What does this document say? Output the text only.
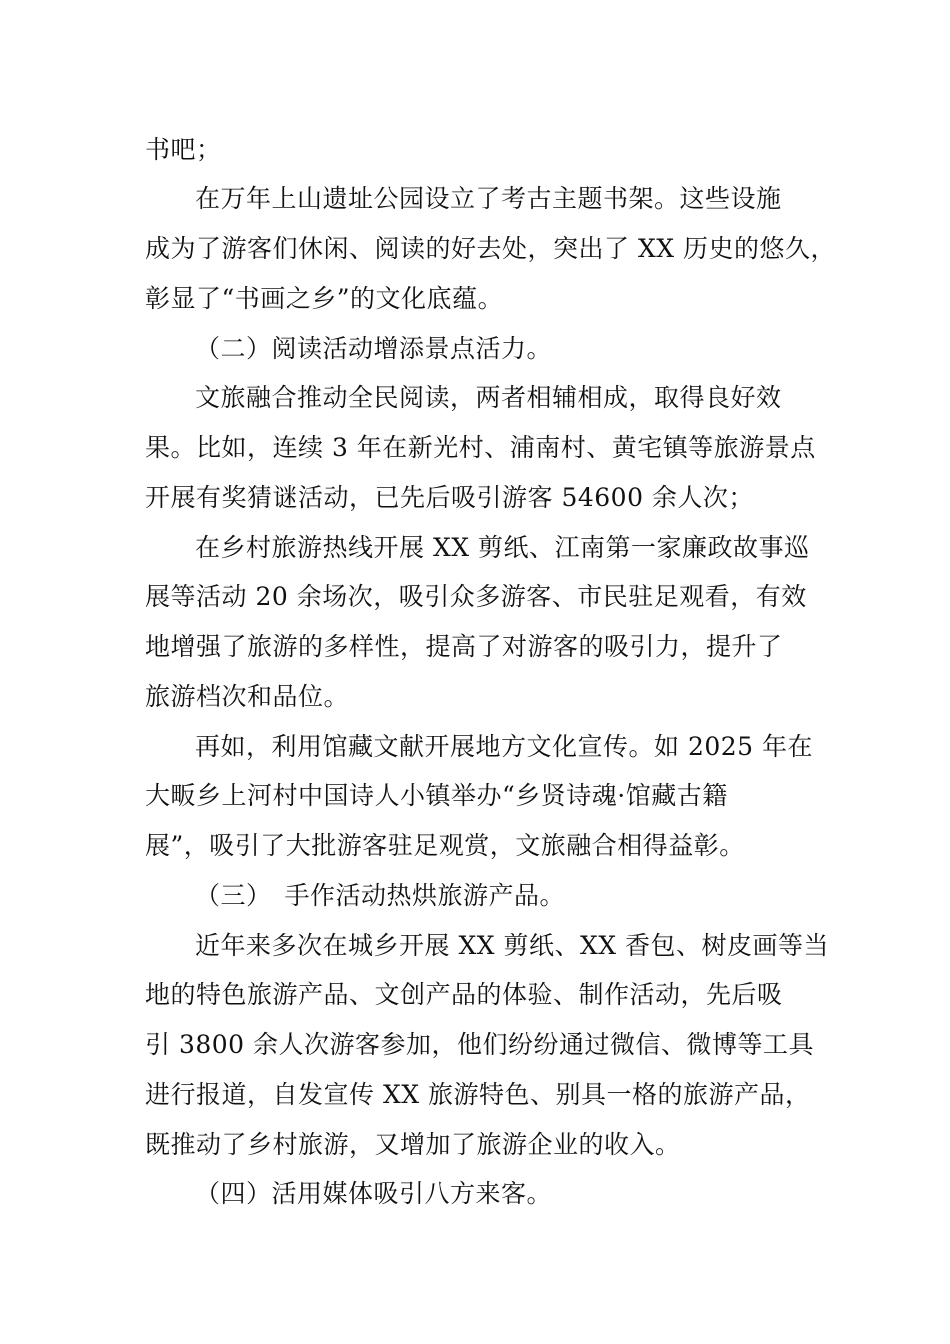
书吧；
在万年上山遗址公园设立了考古主题书架。这些设施
成为了游客们休闲、阅读的好去处，突出了 XX 历史的悠久，
彰显了“书画之乡”的文化底蕴。
（二）阅读活动增添景点活力。
文旅融合推动全民阅读，两者相辅相成，取得良好效
果。比如，连续 3 年在新光村、浦南村、黄宅镇等旅游景点
开展有奖猜谜活动，已先后吸引游客 54600 余人次；
在乡村旅游热线开展 XX 剪纸、江南第一家廉政故事巡
展等活动 20 余场次，吸引众多游客、市民驻足观看，有效
地增强了旅游的多样性，提高了对游客的吸引力，提升了
旅游档次和品位。
再如，利用馆藏文献开展地方文化宣传。如 2025 年在
大畈乡上河村中国诗人小镇举办“乡贤诗魂·馆藏古籍
展”，吸引了大批游客驻足观赏，文旅融合相得益彰。
（三）　手作活动热烘旅游产品。
近年来多次在城乡开展 XX 剪纸、XX 香包、树皮画等当
地的特色旅游产品、文创产品的体验、制作活动，先后吸
引 3800 余人次游客参加，他们纷纷通过微信、微博等工具
进行报道，自发宣传 XX 旅游特色、别具一格的旅游产品，
既推动了乡村旅游，又增加了旅游企业的收入。
（四）活用媒体吸引八方来客。
